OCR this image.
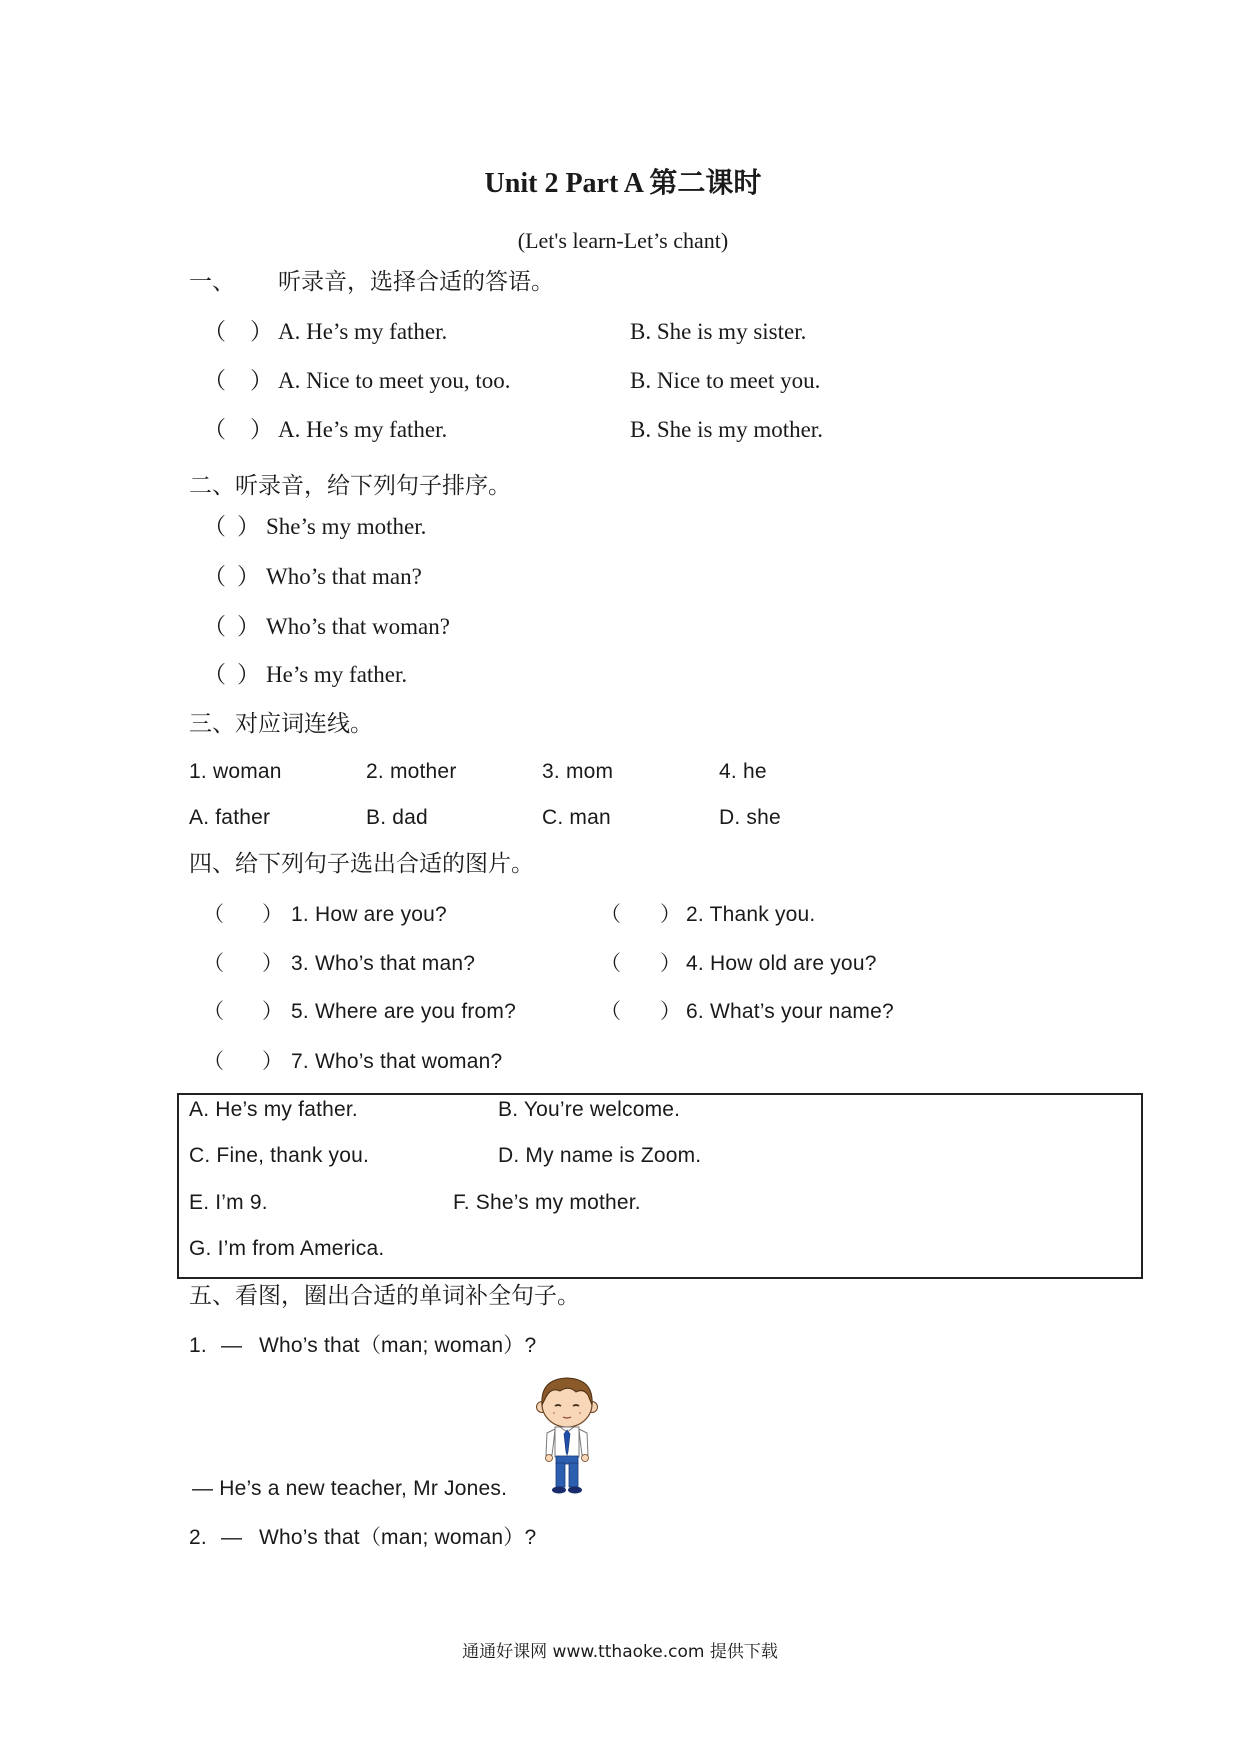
Unit 2 Part A 第二课时
(Let's learn-Let’s chant)
一、 听录音，选择合适的答语。
（ ） A. He’s my father.	B. She is my sister.
（ ） A. Nice to meet you, too.	B. Nice to meet you.
（ ） A. He’s my father.	B. She is my mother.
二、听录音，给下列句子排序。
（ ） She’s my mother.
（ ） Who’s that man?
（ ） Who’s that woman?
（ ） He’s my father.
三、对应词连线。
1. woman	2. mother	3. mom	4. he
A. father	B. dad	C. man	D. she
四、给下列句子选出合适的图片。
（ ） 1. How are you?	（ ） 2. Thank you.
（ ） 3. Who’s that man?	（ ） 4. How old are you?
（ ） 5. Where are you from?	（ ） 6. What’s your name?
（ ） 7. Who’s that woman?
A. He’s my father.	B. You’re welcome.
C. Fine, thank you.	D. My name is Zoom.
E. I’m 9.	F. She’s my mother.
G. I’m from America.
五、看图，圈出合适的单词补全句子。
1. — Who’s that（man; woman）?
— He’s a new teacher, Mr Jones.
2. — Who’s that（man; woman）?
通通好课网 www.tthaoke.com 提供下载
